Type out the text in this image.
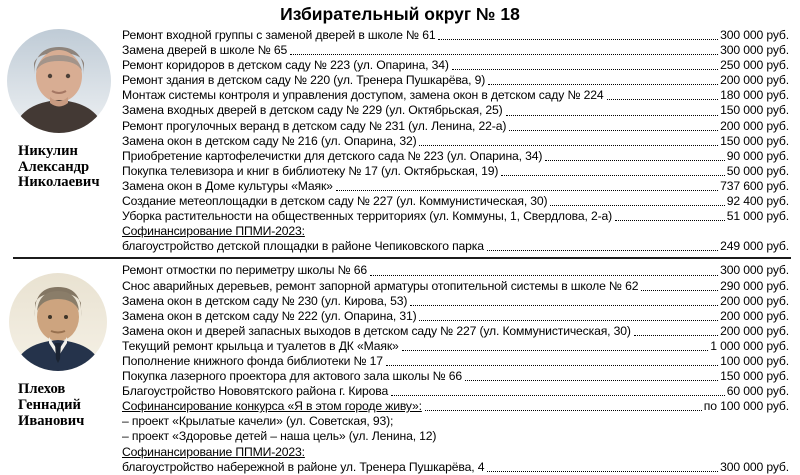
Избирательный округ № 18
Никулин
Александр
Николаевич
Ремонт входной группы с заменой дверей в школе № 61	300 000 руб.
Замена дверей в школе № 65	300 000 руб.
Ремонт коридоров в детском саду № 223 (ул. Опарина, 34)	250 000 руб.
Ремонт здания в детском саду № 220 (ул. Тренера Пушкарёва, 9)	200 000 руб.
Монтаж системы контроля и управления доступом, замена окон в детском саду № 224	180 000 руб.
Замена входных дверей в детском саду № 229 (ул. Октябрьская, 25)	150 000 руб.
Ремонт прогулочных веранд в детском саду № 231 (ул. Ленина, 22-а)	200 000 руб.
Замена окон в детском саду № 216 (ул. Опарина, 32)	150 000 руб.
Приобретение картофелечистки для детского сада № 223 (ул. Опарина, 34)	90 000 руб.
Покупка телевизора и книг в библиотеку № 17 (ул. Октябрьская, 19)	50 000 руб.
Замена окон в Доме культуры «Маяк»	737 600 руб.
Создание метеоплощадки в детском саду № 227 (ул. Коммунистическая, 30)	92 400 руб.
Уборка растительности на общественных территориях (ул. Коммуны, 1, Свердлова, 2-а)	51 000 руб.
Софинансирование ППМИ-2023:
благоустройство детской площадки в районе Чепиковского парка	249 000 руб.
Плехов
Геннадий
Иванович
Ремонт отмостки по периметру школы № 66	300 000 руб.
Снос аварийных деревьев, ремонт запорной арматуры отопительной системы в школе № 62	290 000 руб.
Замена окон в детском саду № 230 (ул. Кирова, 53)	200 000 руб.
Замена окон в детском саду № 222 (ул. Опарина, 31)	200 000 руб.
Замена окон и дверей запасных выходов в детском саду № 227 (ул. Коммунистическая, 30)	200 000 руб.
Текущий ремонт крыльца и туалетов в ДК «Маяк»	1 000 000 руб.
Пополнение книжного фонда библиотеки № 17	100 000 руб.
Покупка лазерного проектора для актового зала школы № 66	150 000 руб.
Благоустройство Нововятского района г. Кирова	60 000 руб.
Софинансирование конкурса «Я в этом городе живу»:	по 100 000 руб.
– проект «Крылатые качели» (ул. Советская, 93);
– проект «Здоровье детей – наша цель» (ул. Ленина, 12)
Софинансирование ППМИ-2023:
благоустройство набережной в районе ул. Тренера Пушкарёва, 4	300 000 руб.
